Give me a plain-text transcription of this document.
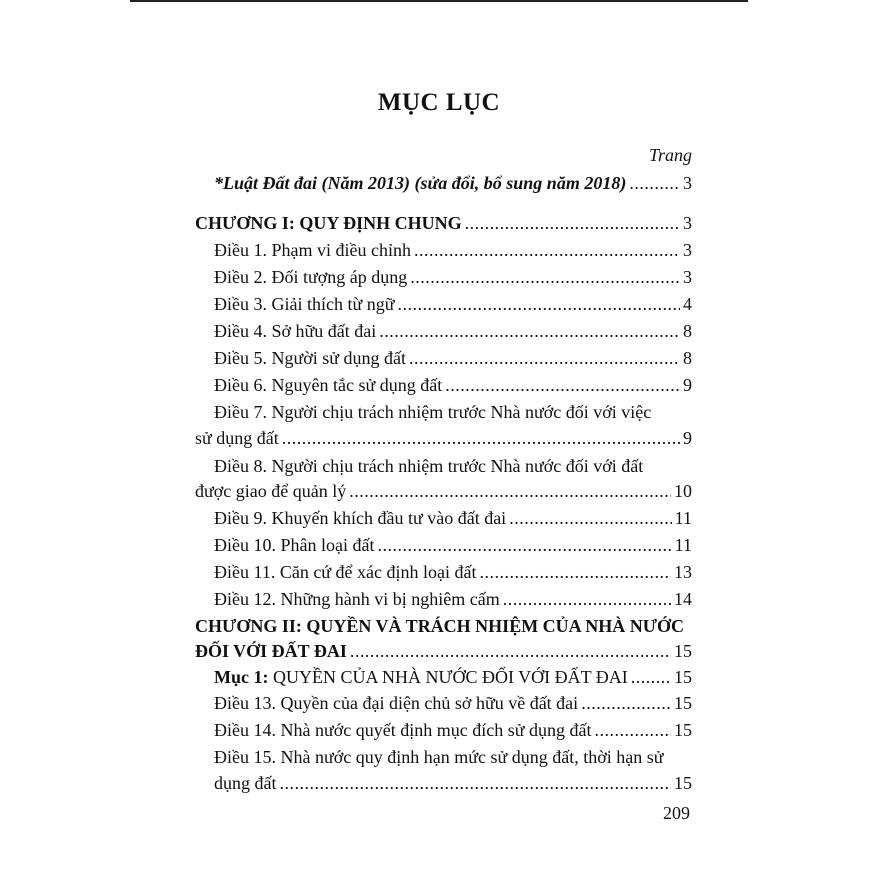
MỤC LỤC
Trang
*Luật Đất đai (Năm 2013) (sửa đổi, bổ sung năm 2018) .....	3
CHƯƠNG I: QUY ĐỊNH CHUNG .....	3
Điều 1. Phạm vi điều chỉnh .....	3
Điều 2. Đối tượng áp dụng .....	3
Điều 3. Giải thích từ ngữ .....	4
Điều 4. Sở hữu đất đai .....	8
Điều 5. Người sử dụng đất .....	8
Điều 6. Nguyên tắc sử dụng đất .....	9
Điều 7. Người chịu trách nhiệm trước Nhà nước đối với việc
sử dụng đất .....	9
Điều 8. Người chịu trách nhiệm trước Nhà nước đối với đất
được giao để quản lý .....	10
Điều 9. Khuyến khích đầu tư vào đất đai .....	11
Điều 10. Phân loại đất .....	11
Điều 11. Căn cứ để xác định loại đất .....	13
Điều 12. Những hành vi bị nghiêm cấm .....	14
CHƯƠNG II: QUYỀN VÀ TRÁCH NHIỆM CỦA NHÀ NƯỚC
ĐỐI VỚI ĐẤT ĐAI .....	15
Mục 1: QUYỀN CỦA NHÀ NƯỚC ĐỐI VỚI ĐẤT ĐAI .....	15
Điều 13. Quyền của đại diện chủ sở hữu về đất đai .....	15
Điều 14. Nhà nước quyết định mục đích sử dụng đất .....	15
Điều 15. Nhà nước quy định hạn mức sử dụng đất, thời hạn sử
dụng đất .....	15
209
